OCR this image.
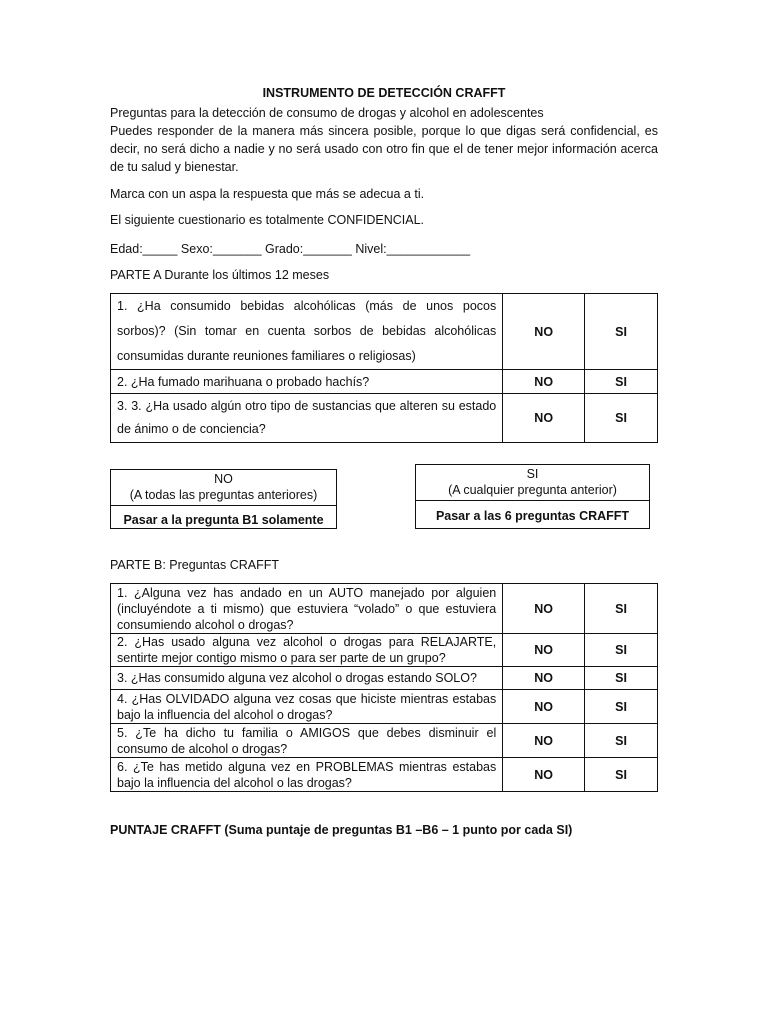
INSTRUMENTO DE DETECCIÓN CRAFFT
Preguntas para la detección de consumo de drogas y alcohol en adolescentes
Puedes responder de la manera más sincera posible, porque lo que digas será confidencial, es decir, no será dicho a nadie y no será usado con otro fin que el de tener mejor información acerca de tu salud y bienestar.
Marca con un aspa la respuesta que más se adecua a ti.
El siguiente cuestionario es totalmente CONFIDENCIAL.
Edad:_____ Sexo:_______ Grado:_______ Nivel:____________
PARTE A Durante los últimos 12 meses
1. ¿Ha consumido bebidas alcohólicas (más de unos pocos sorbos)? (Sin tomar en cuenta sorbos de bebidas alcohólicas consumidas durante reuniones familiares o religiosas)	NO	SI
2. ¿Ha fumado marihuana o probado hachís?	NO	SI
3. 3. ¿Ha usado algún otro tipo de sustancias que alteren su estado de ánimo o de conciencia?	NO	SI
NO
(A todas las preguntas anteriores)
Pasar a la pregunta B1 solamente
SI
(A cualquier pregunta anterior)
Pasar a las 6 preguntas CRAFFT
PARTE B: Preguntas CRAFFT
1. ¿Alguna vez has andado en un AUTO manejado por alguien (incluyéndote a ti mismo) que estuviera “volado” o que estuviera consumiendo alcohol o drogas?	NO	SI
2. ¿Has usado alguna vez alcohol o drogas para RELAJARTE, sentirte mejor contigo mismo o para ser parte de un grupo?	NO	SI
3. ¿Has consumido alguna vez alcohol o drogas estando SOLO?	NO	SI
4. ¿Has OLVIDADO alguna vez cosas que hiciste mientras estabas bajo la influencia del alcohol o drogas?	NO	SI
5. ¿Te ha dicho tu familia o AMIGOS que debes disminuir el consumo de alcohol o drogas?	NO	SI
6. ¿Te has metido alguna vez en PROBLEMAS mientras estabas bajo la influencia del alcohol o las drogas?	NO	SI
PUNTAJE CRAFFT (Suma puntaje de preguntas B1 –B6 – 1 punto por cada SI)
